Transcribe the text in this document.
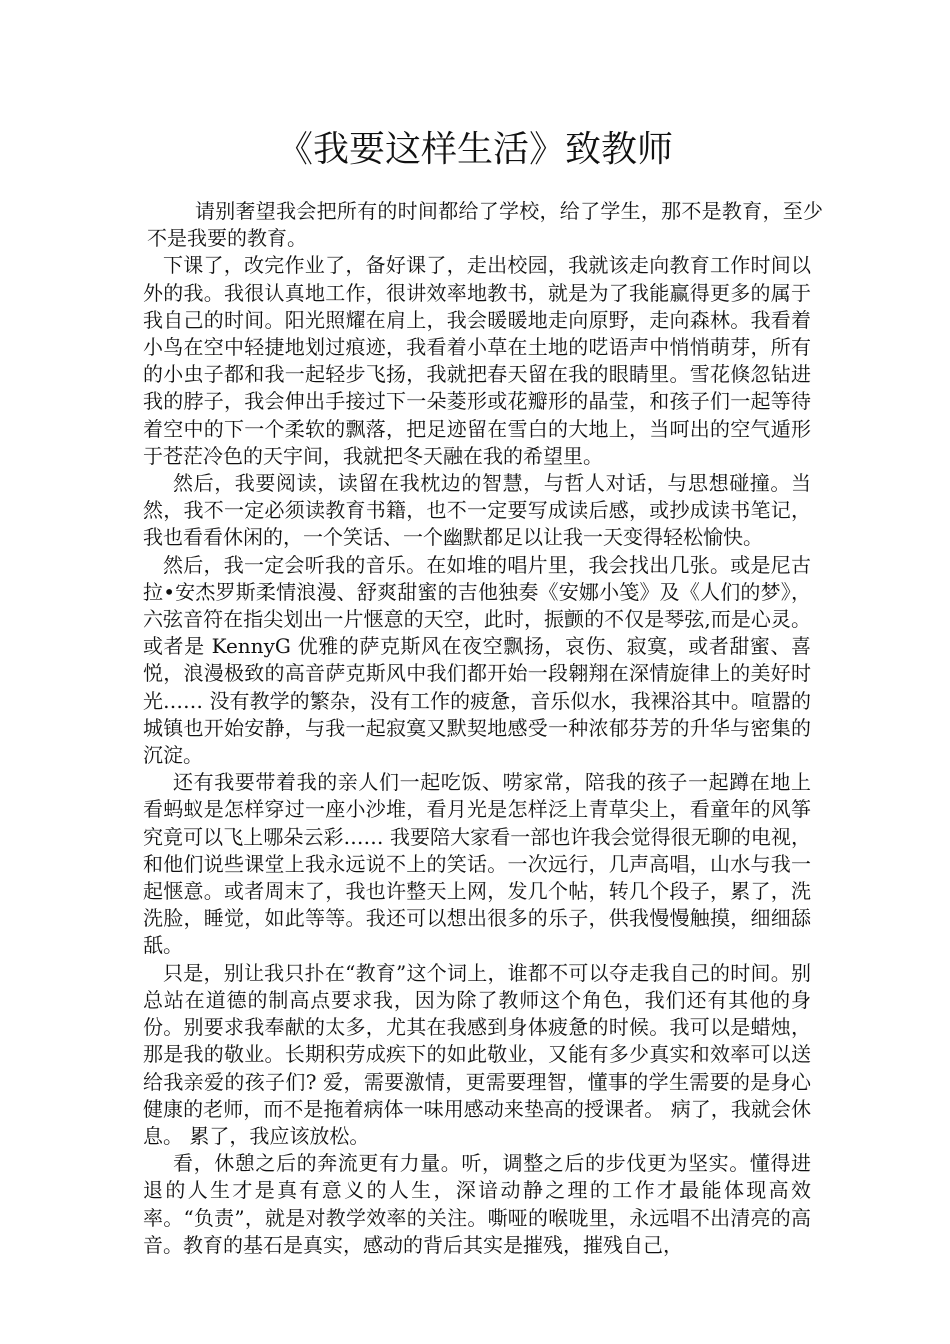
《我要这样生活》致教师

请别奢望我会把所有的时间都给了学校，给了学生，那不是教育，至少不是我要的教育。

下课了，改完作业了，备好课了，走出校园，我就该走向教育工作时间以外的我。我很认真地工作，很讲效率地教书，就是为了我能赢得更多的属于我自己的时间。阳光照耀在肩上，我会暖暖地走向原野，走向森林。我看着小鸟在空中轻捷地划过痕迹，我看着小草在土地的呓语声中悄悄萌芽，所有的小虫子都和我一起轻步飞扬，我就把春天留在我的眼睛里。雪花倏忽钻进我的脖子，我会伸出手接过下一朵菱形或花瓣形的晶莹，和孩子们一起等待着空中的下一个柔软的飘落，把足迹留在雪白的大地上，当呵出的空气遁形于苍茫冷色的天宇间，我就把冬天融在我的希望里。

然后，我要阅读，读留在我枕边的智慧，与哲人对话，与思想碰撞。当然，我不一定必须读教育书籍，也不一定要写成读后感，或抄成读书笔记，我也看看休闲的，一个笑话、一个幽默都足以让我一天变得轻松愉快。

然后，我一定会听我的音乐。在如堆的唱片里，我会找出几张。或是尼古拉•安杰罗斯柔情浪漫、舒爽甜蜜的吉他独奏《安娜小笺》及《人们的梦》，六弦音符在指尖划出一片惬意的天空，此时，振颤的不仅是琴弦,而是心灵。或者是 KennyG 优雅的萨克斯风在夜空飘扬，哀伤、寂寞，或者甜蜜、喜悦，浪漫极致的高音萨克斯风中我们都开始一段翱翔在深情旋律上的美好时光…… 没有教学的繁杂，没有工作的疲惫，音乐似水，我裸浴其中。喧嚣的城镇也开始安静，与我一起寂寞又默契地感受一种浓郁芬芳的升华与密集的沉淀。

还有我要带着我的亲人们一起吃饭、唠家常，陪我的孩子一起蹲在地上看蚂蚁是怎样穿过一座小沙堆，看月光是怎样泛上青草尖上，看童年的风筝究竟可以飞上哪朵云彩…… 我要陪大家看一部也许我会觉得很无聊的电视，和他们说些课堂上我永远说不上的笑话。一次远行，几声高唱，山水与我一起惬意。或者周末了，我也许整天上网，发几个帖，转几个段子，累了，洗洗脸，睡觉，如此等等。我还可以想出很多的乐子，供我慢慢触摸，细细舔舐。

只是，别让我只扑在“教育”这个词上，谁都不可以夺走我自己的时间。别总站在道德的制高点要求我，因为除了教师这个角色，我们还有其他的身份。别要求我奉献的太多，尤其在我感到身体疲惫的时候。我可以是蜡烛，那是我的敬业。长期积劳成疾下的如此敬业，又能有多少真实和效率可以送给我亲爱的孩子们? 爱，需要激情，更需要理智，懂事的学生需要的是身心健康的老师，而不是拖着病体一味用感动来垫高的授课者。 病了，我就会休息。 累了，我应该放松。

看，休憩之后的奔流更有力量。听，调整之后的步伐更为坚实。懂得进退的人生才是真有意义的人生，深谙动静之理的工作才最能体现高效率。“负责”，就是对教学效率的关注。嘶哑的喉咙里，永远唱不出清亮的高音。教育的基石是真实，感动的背后其实是摧残，摧残自己，
